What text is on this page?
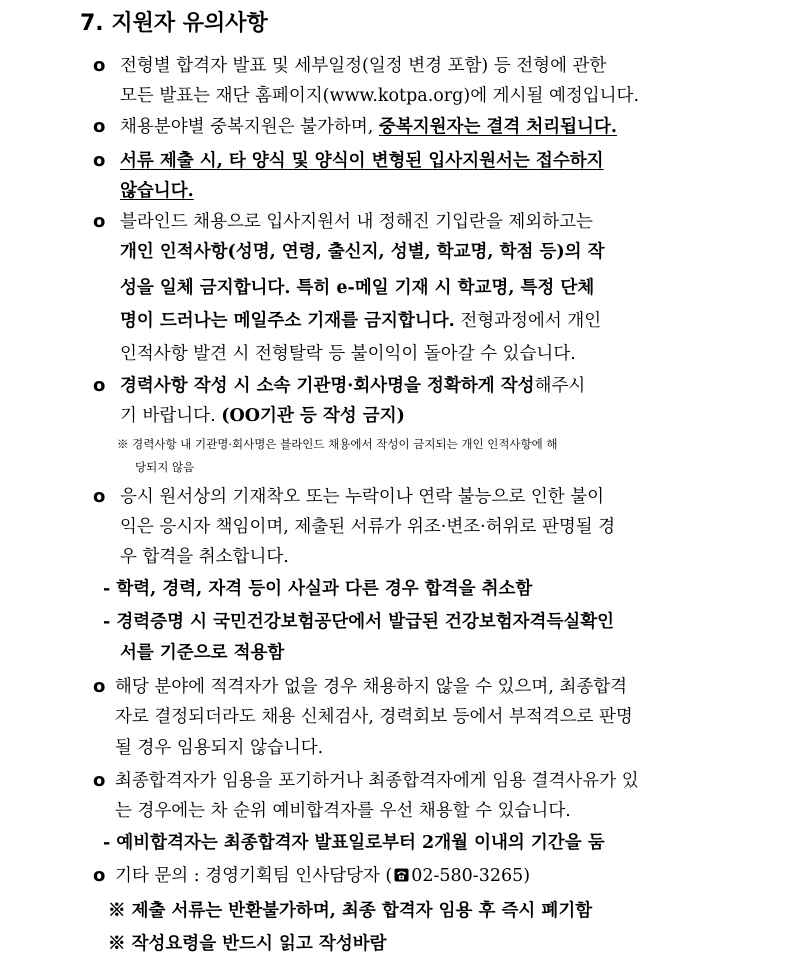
7. 지원자 유의사항
o 전형별 합격자 발표 및 세부일정(일정 변경 포함) 등 전형에 관한
모든 발표는 재단 홈페이지(www.kotpa.org)에 게시될 예정입니다.
o 채용분야별 중복지원은 불가하며, 중복지원자는 결격 처리됩니다.
o 서류 제출 시, 타 양식 및 양식이 변형된 입사지원서는 접수하지
않습니다.
o 블라인드 채용으로 입사지원서 내 정해진 기입란을 제외하고는
개인 인적사항(성명, 연령, 출신지, 성별, 학교명, 학점 등)의 작
성을 일체 금지합니다. 특히 e-메일 기재 시 학교명, 특정 단체
명이 드러나는 메일주소 기재를 금지합니다. 전형과정에서 개인
인적사항 발견 시 전형탈락 등 불이익이 돌아갈 수 있습니다.
o 경력사항 작성 시 소속 기관명·회사명을 정확하게 작성해주시
기 바랍니다. (OO기관 등 작성 금지)
※ 경력사항 내 기관명·회사명은 블라인드 채용에서 작성이 금지되는 개인 인적사항에 해
당되지 않음
o 응시 원서상의 기재착오 또는 누락이나 연락 불능으로 인한 불이
익은 응시자 책임이며, 제출된 서류가 위조·변조·허위로 판명될 경
우 합격을 취소합니다.
- 학력, 경력, 자격 등이 사실과 다른 경우 합격을 취소함
- 경력증명 시 국민건강보험공단에서 발급된 건강보험자격득실확인
서를 기준으로 적용함
o 해당 분야에 적격자가 없을 경우 채용하지 않을 수 있으며, 최종합격
자로 결정되더라도 채용 신체검사, 경력회보 등에서 부적격으로 판명
될 경우 임용되지 않습니다.
o 최종합격자가 임용을 포기하거나 최종합격자에게 임용 결격사유가 있
는 경우에는 차 순위 예비합격자를 우선 채용할 수 있습니다.
- 예비합격자는 최종합격자 발표일로부터 2개월 이내의 기간을 둠
o 기타 문의 : 경영기획팀 인사담당자 ( 02-580-3265)
※ 제출 서류는 반환불가하며, 최종 합격자 임용 후 즉시 폐기함
※ 작성요령을 반드시 읽고 작성바람
